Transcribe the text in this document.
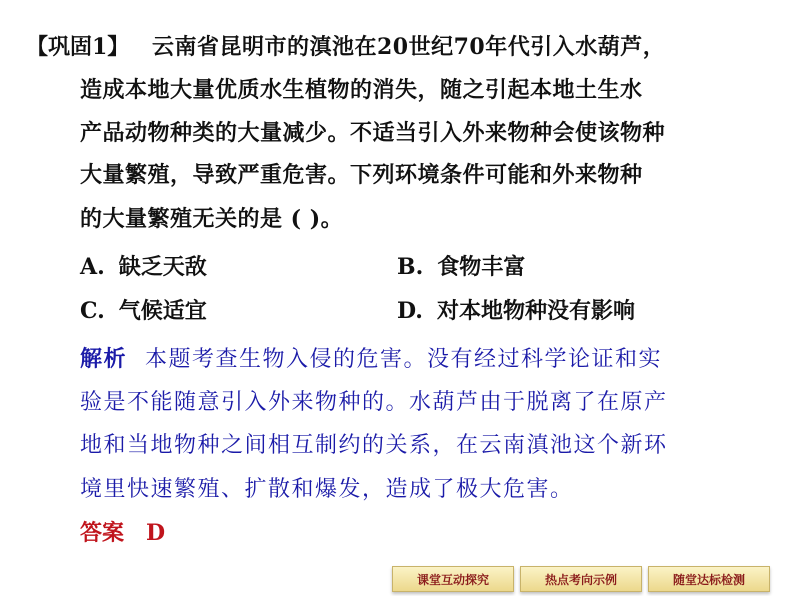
【巩固1】 云南省昆明市的滇池在20世纪70年代引入水葫芦，
造成本地大量优质水生植物的消失，随之引起本地土生水
产品动物种类的大量减少。不适当引入外来物种会使该物种
大量繁殖，导致严重危害。下列环境条件可能和外来物种
的大量繁殖无关的是 ( )。
A. 缺乏天敌	B. 食物丰富
C. 气候适宜	D. 对本地物种没有影响
解析 本题考查生物入侵的危害。没有经过科学论证和实
验是不能随意引入外来物种的。水葫芦由于脱离了在原产
地和当地物种之间相互制约的关系，在云南滇池这个新环
境里快速繁殖、扩散和爆发，造成了极大危害。
答案 D
课堂互动探究	热点考向示例	随堂达标检测
